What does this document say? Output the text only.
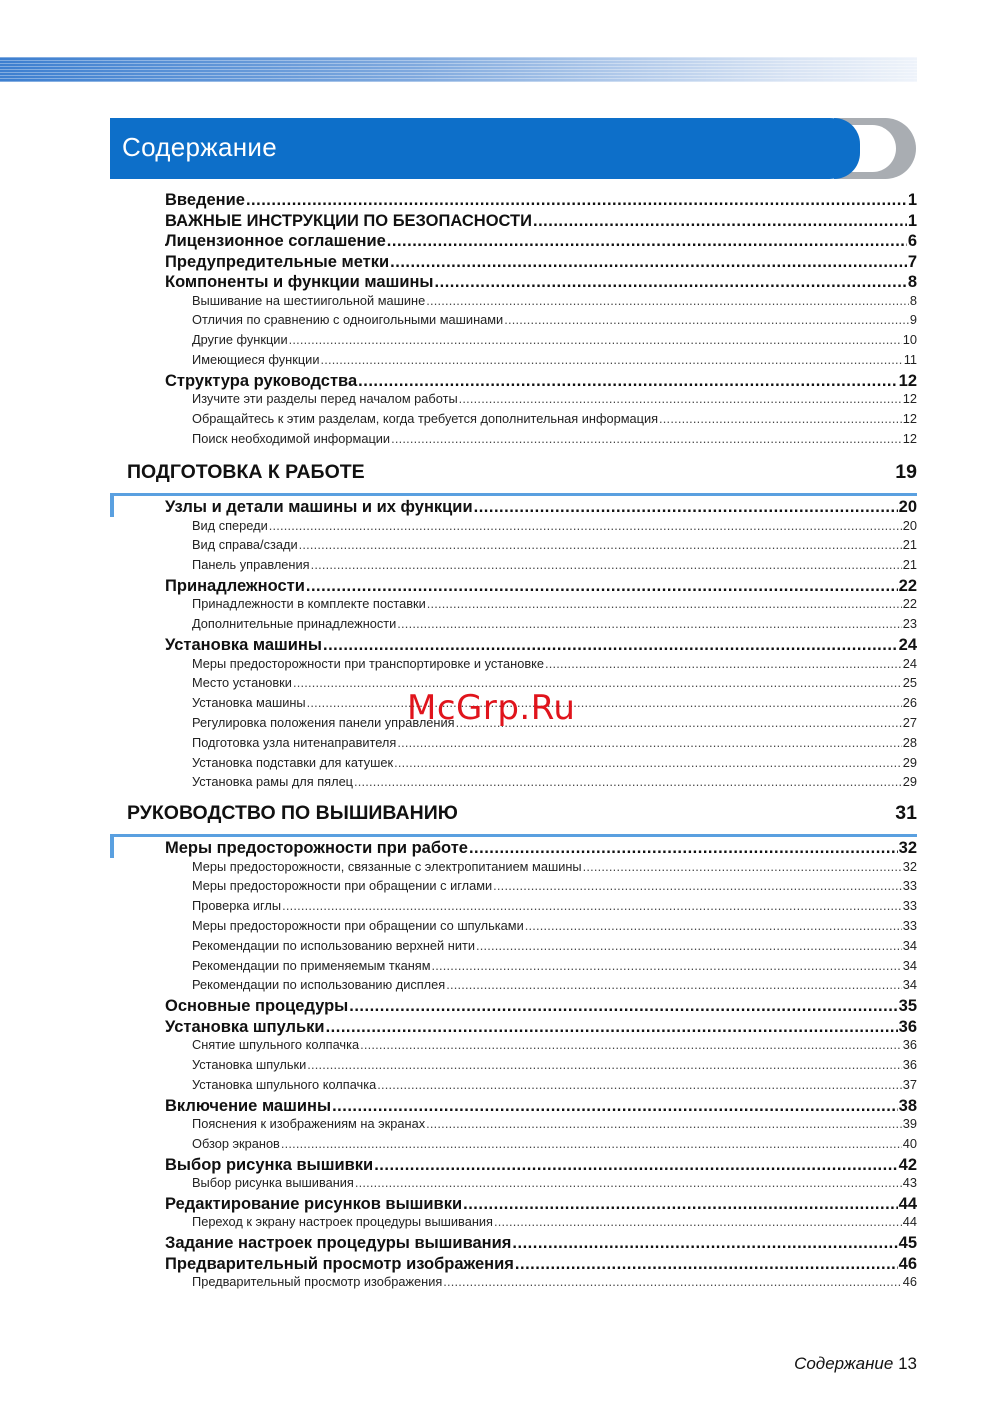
Содержание
Введение .....	1
ВАЖНЫЕ ИНСТРУКЦИИ ПО БЕЗОПАСНОСТИ .....	1
Лицензионное соглашение .....	6
Предупредительные метки .....	7
Компоненты и функции машины .....	8
Вышивание на шестиигольной машине .....	8
Отличия по сравнению с одноигольными машинами .....	9
Другие функции .....	10
Имеющиеся функции .....	11
Структура руководства .....	12
Изучите эти разделы перед началом работы .....	12
Обращайтесь к этим разделам, когда требуется дополнительная информация .....	12
Поиск необходимой информации .....	12
ПОДГОТОВКА К РАБОТЕ	19
Узлы и детали машины и их функции .....	20
Вид спереди .....	20
Вид справа/сзади .....	21
Панель управления .....	21
Принадлежности .....	22
Принадлежности в комплекте поставки .....	22
Дополнительные принадлежности .....	23
Установка машины .....	24
Меры предосторожности при транспортировке и установке .....	24
Место установки .....	25
Установка машины .....	26
Регулировка положения панели управления .....	27
Подготовка узла нитенаправителя .....	28
Установка подставки для катушек .....	29
Установка рамы для пялец .....	29
РУКОВОДСТВО ПО ВЫШИВАНИЮ	31
Меры предосторожности при работе .....	32
Меры предосторожности, связанные с электропитанием машины .....	32
Меры предосторожности при обращении с иглами .....	33
Проверка иглы .....	33
Меры предосторожности при обращении со шпульками .....	33
Рекомендации по использованию верхней нити .....	34
Рекомендации по применяемым тканям .....	34
Рекомендации по использованию дисплея .....	34
Основные процедуры .....	35
Установка шпульки .....	36
Снятие шпульного колпачка .....	36
Установка шпульки .....	36
Установка шпульного колпачка .....	37
Включение машины .....	38
Пояснения к изображениям на экранах .....	39
Обзор экранов .....	40
Выбор рисунка вышивки .....	42
Выбор рисунка вышивания .....	43
Редактирование рисунков вышивки .....	44
Переход к экрану настроек процедуры вышивания .....	44
Задание настроек процедуры вышивания .....	45
Предварительный просмотр изображения .....	46
Предварительный просмотр изображения .....	46
McGrp.Ru
Содержание 13
